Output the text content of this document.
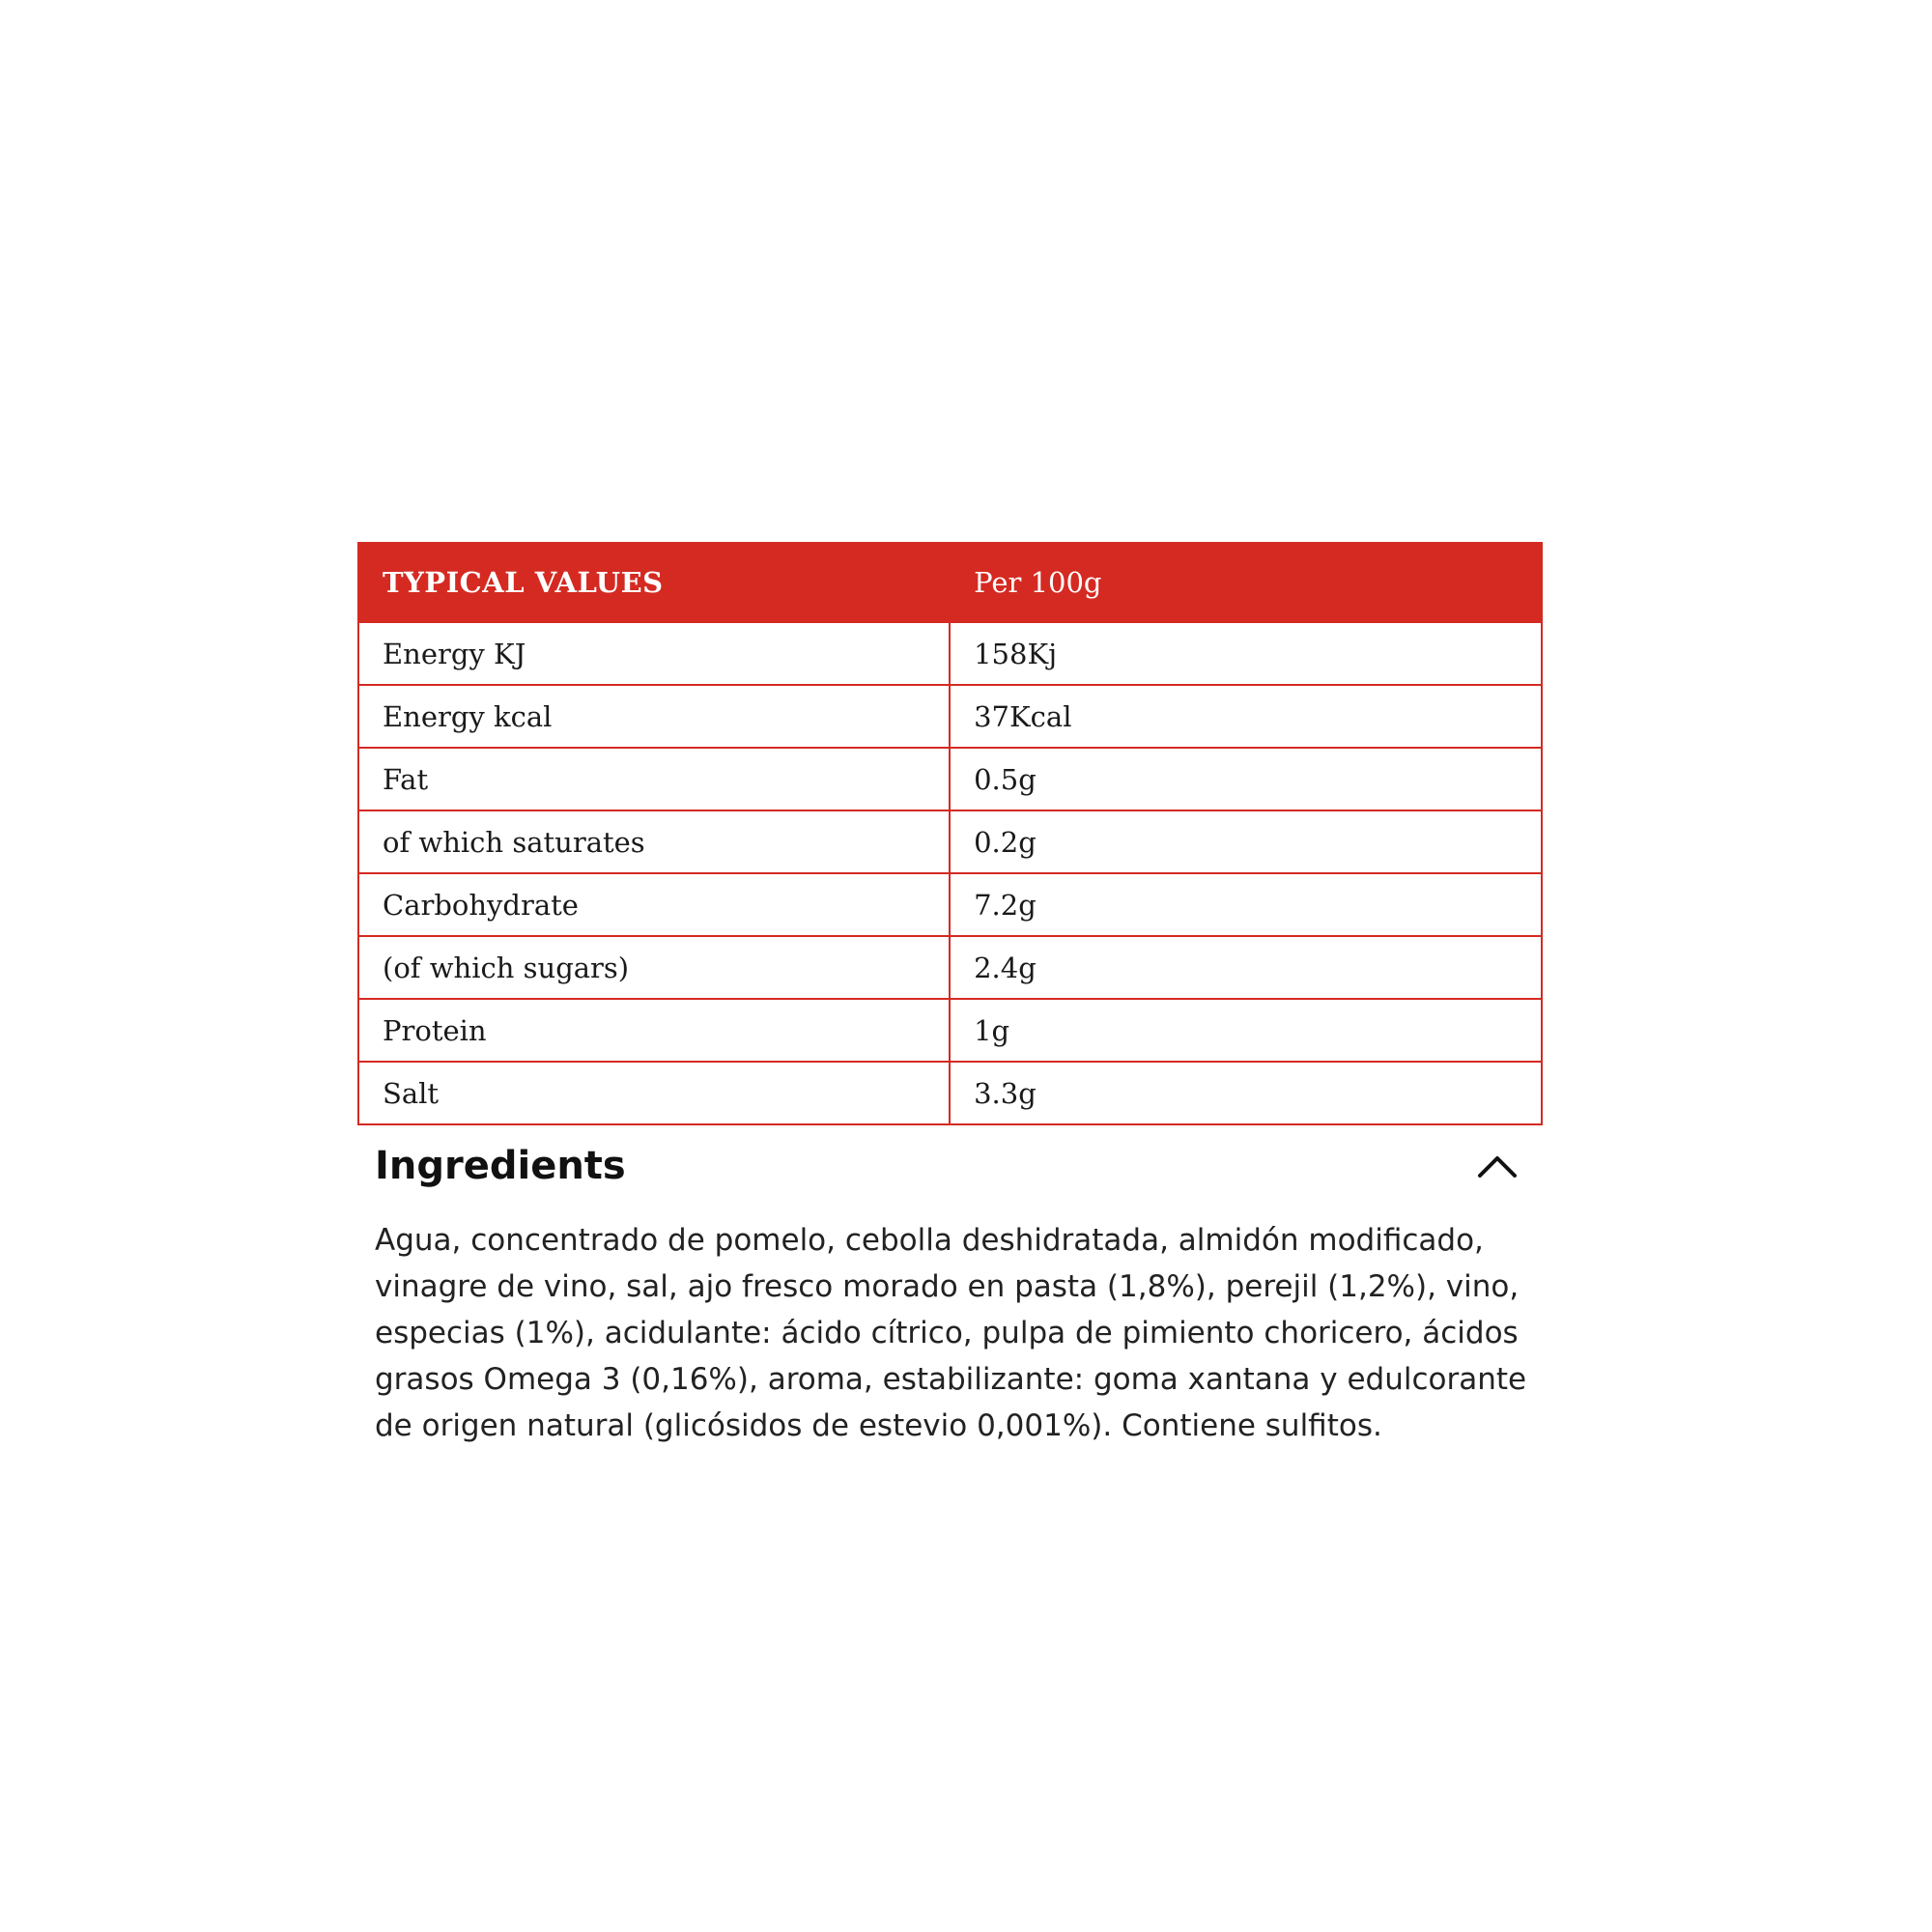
TYPICAL VALUES	Per 100g
Energy KJ	158Kj
Energy kcal	37Kcal
Fat	0.5g
of which saturates	0.2g
Carbohydrate	7.2g
(of which sugars)	2.4g
Protein	1g
Salt	3.3g
Ingredients

Agua, concentrado de pomelo, cebolla deshidratada, almidón modificado, vinagre de vino, sal, ajo fresco morado en pasta (1,8%), perejil (1,2%), vino, especias (1%), acidulante: ácido cítrico, pulpa de pimiento choricero, ácidos grasos Omega 3 (0,16%), aroma, estabilizante: goma xantana y edulcorante de origen natural (glicósidos de estevio 0,001%). Contiene sulfitos.
